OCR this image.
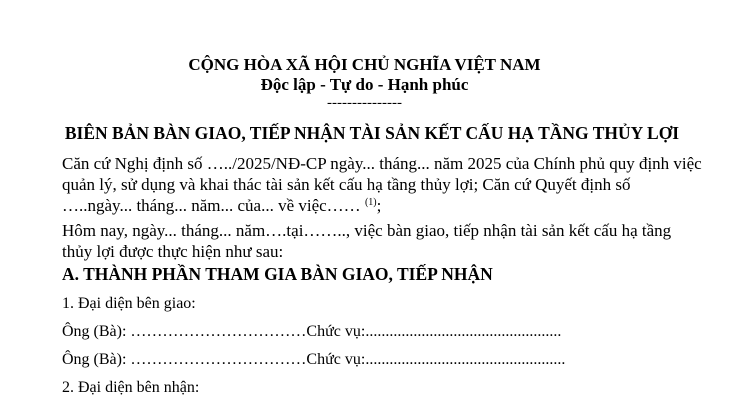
CỘNG HÒA XÃ HỘI CHỦ NGHĨA VIỆT NAM
Độc lập - Tự do - Hạnh phúc
---------------
BIÊN BẢN BÀN GIAO, TIẾP NHẬN TÀI SẢN KẾT CẤU HẠ TẦNG THỦY LỢI
Căn cứ Nghị định số …../2025/NĐ-CP ngày... tháng... năm 2025 của Chính phủ quy định việc quản lý, sử dụng và khai thác tài sản kết cấu hạ tầng thủy lợi; Căn cứ Quyết định số …..ngày... tháng... năm... của... về việc…… $^{(1)}$;
Hôm nay, ngày... tháng... năm….tại…….., việc bàn giao, tiếp nhận tài sản kết cấu hạ tầng thủy lợi được thực hiện như sau:
A. THÀNH PHẦN THAM GIA BÀN GIAO, TIẾP NHẬN
1. Đại diện bên giao:
Ông (Bà): ……………………………Chức vụ:.................................................
Ông (Bà): ……………………………Chức vụ:..................................................
2. Đại diện bên nhận:
